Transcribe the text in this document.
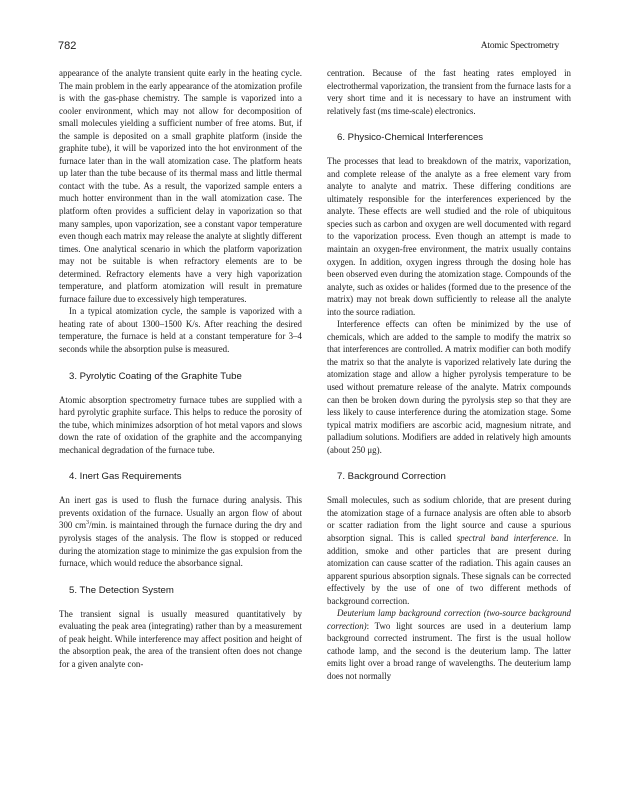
782	Atomic Spectrometry

appearance of the analyte transient quite early in the heating cycle. The main problem in the early appearance of the atomization profile is with the gas-phase chemistry. The sample is vaporized into a cooler environment, which may not allow for decomposition of small molecules yielding a sufficient number of free atoms. But, if the sample is deposited on a small graphite platform (inside the graphite tube), it will be vaporized into the hot environment of the furnace later than in the wall atomization case. The platform heats up later than the tube because of its thermal mass and little thermal contact with the tube. As a result, the vaporized sample enters a much hotter environment than in the wall atomization case. The platform often provides a sufficient delay in vaporization so that many samples, upon vaporization, see a constant vapor temperature even though each matrix may release the analyte at slightly different times. One analytical scenario in which the platform vaporization may not be suitable is when refractory elements are to be determined. Refractory elements have a very high vaporization temperature, and platform atomization will result in premature furnace failure due to excessively high temperatures.

In a typical atomization cycle, the sample is vaporized with a heating rate of about 1300–1500 K/s. After reaching the desired temperature, the furnace is held at a constant temperature for 3–4 seconds while the absorption pulse is measured.

3. Pyrolytic Coating of the Graphite Tube

Atomic absorption spectrometry furnace tubes are supplied with a hard pyrolytic graphite surface. This helps to reduce the porosity of the tube, which minimizes adsorption of hot metal vapors and slows down the rate of oxidation of the graphite and the accompanying mechanical degradation of the furnace tube.

4. Inert Gas Requirements

An inert gas is used to flush the furnace during analysis. This prevents oxidation of the furnace. Usually an argon flow of about 300 $cm^3/\min$. is maintained through the furnace during the dry and pyrolysis stages of the analysis. The flow is stopped or reduced during the atomization stage to minimize the gas expulsion from the furnace, which would reduce the absorbance signal.

5. The Detection System

The transient signal is usually measured quantitatively by evaluating the peak area (integrating) rather than by a measurement of peak height. While interference may affect position and height of the absorption peak, the area of the transient often does not change for a given analyte con-

centration. Because of the fast heating rates employed in electrothermal vaporization, the transient from the furnace lasts for a very short time and it is necessary to have an instrument with relatively fast (ms time-scale) electronics.

6. Physico-Chemical Interferences

The processes that lead to breakdown of the matrix, vaporization, and complete release of the analyte as a free element vary from analyte to analyte and matrix. These differing conditions are ultimately responsible for the interferences experienced by the analyte. These effects are well studied and the role of ubiquitous species such as carbon and oxygen are well documented with regard to the vaporization process. Even though an attempt is made to maintain an oxygen-free environment, the matrix usually contains oxygen. In addition, oxygen ingress through the dosing hole has been observed even during the atomization stage. Compounds of the analyte, such as oxides or halides (formed due to the presence of the matrix) may not break down sufficiently to release all the analyte into the source radiation.

Interference effects can often be minimized by the use of chemicals, which are added to the sample to modify the matrix so that interferences are controlled. A matrix modifier can both modify the matrix so that the analyte is vaporized relatively late during the atomization stage and allow a higher pyrolysis temperature to be used without premature release of the analyte. Matrix compounds can then be broken down during the pyrolysis step so that they are less likely to cause interference during the atomization stage. Some typical matrix modifiers are ascorbic acid, magnesium nitrate, and palladium solutions. Modifiers are added in relatively high amounts (about 250 μg).

7. Background Correction

Small molecules, such as sodium chloride, that are present during the atomization stage of a furnace analysis are often able to absorb or scatter radiation from the light source and cause a spurious absorption signal. This is called spectral band interference. In addition, smoke and other particles that are present during atomization can cause scatter of the radiation. This again causes an apparent spurious absorption signals. These signals can be corrected effectively by the use of one of two different methods of background correction.

Deuterium lamp background correction (two-source background correction): Two light sources are used in a deuterium lamp background corrected instrument. The first is the usual hollow cathode lamp, and the second is the deuterium lamp. The latter emits light over a broad range of wavelengths. The deuterium lamp does not normally
